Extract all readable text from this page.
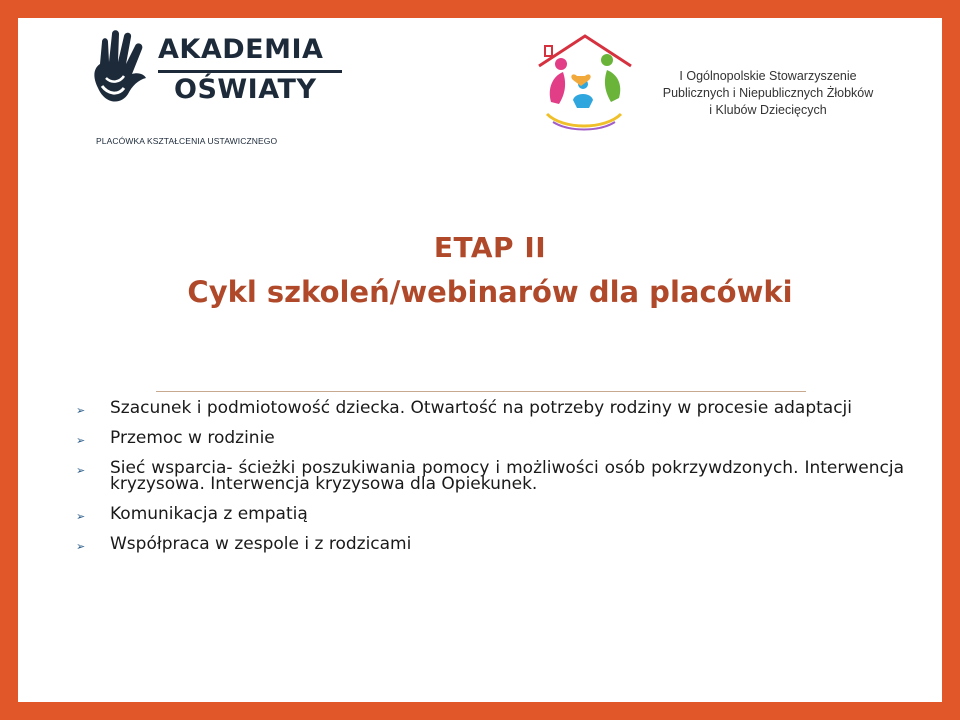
AKADEMIA
OŚWIATY
PLACÓWKA KSZTAŁCENIA USTAWICZNEGO
I Ogólnopolskie Stowarzyszenie
Publicznych i Niepublicznych Żłobków
i Klubów Dziecięcych
ETAP II
Cykl szkoleń/webinarów dla placówki
➢ Szacunek i podmiotowość dziecka. Otwartość na potrzeby rodziny w procesie adaptacji
➢ Przemoc w rodzinie
➢ Sieć wsparcia- ścieżki poszukiwania pomocy i możliwości osób pokrzywdzonych. Interwencja kryzysowa. Interwencja kryzysowa dla Opiekunek.
➢ Komunikacja z empatią
➢ Współpraca w zespole i z rodzicami
